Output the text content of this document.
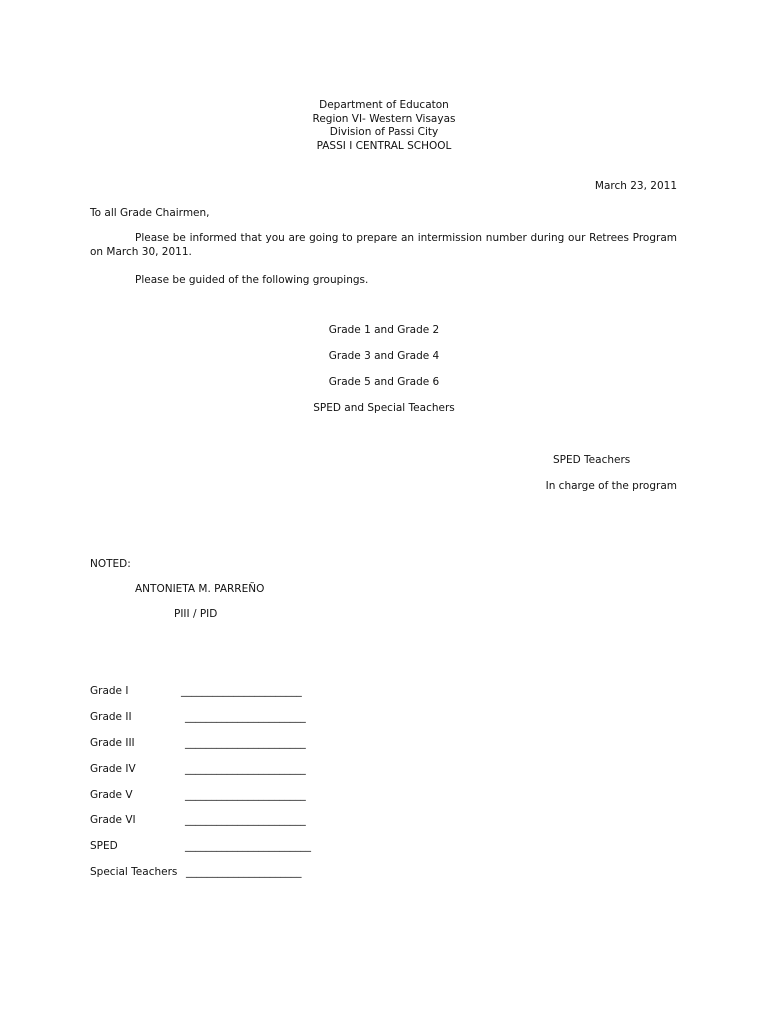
Department of Educaton
Region VI- Western Visayas
Division of Passi City
PASSI I CENTRAL SCHOOL
March 23, 2011
To all Grade Chairmen,
Please be informed that you are going to prepare an intermission number during our Retrees Program on March 30, 2011.
Please be guided of the following groupings.
Grade 1 and Grade 2
Grade 3 and Grade 4
Grade 5 and Grade 6
SPED and Special Teachers
SPED Teachers
In charge of the program
NOTED:
ANTONIETA M. PARREÑO
PIII / PID
Grade I	_______________________
Grade II	_______________________
Grade III	_______________________
Grade IV	_______________________
Grade V	_______________________
Grade VI	_______________________
SPED	________________________
Special Teachers ______________________
